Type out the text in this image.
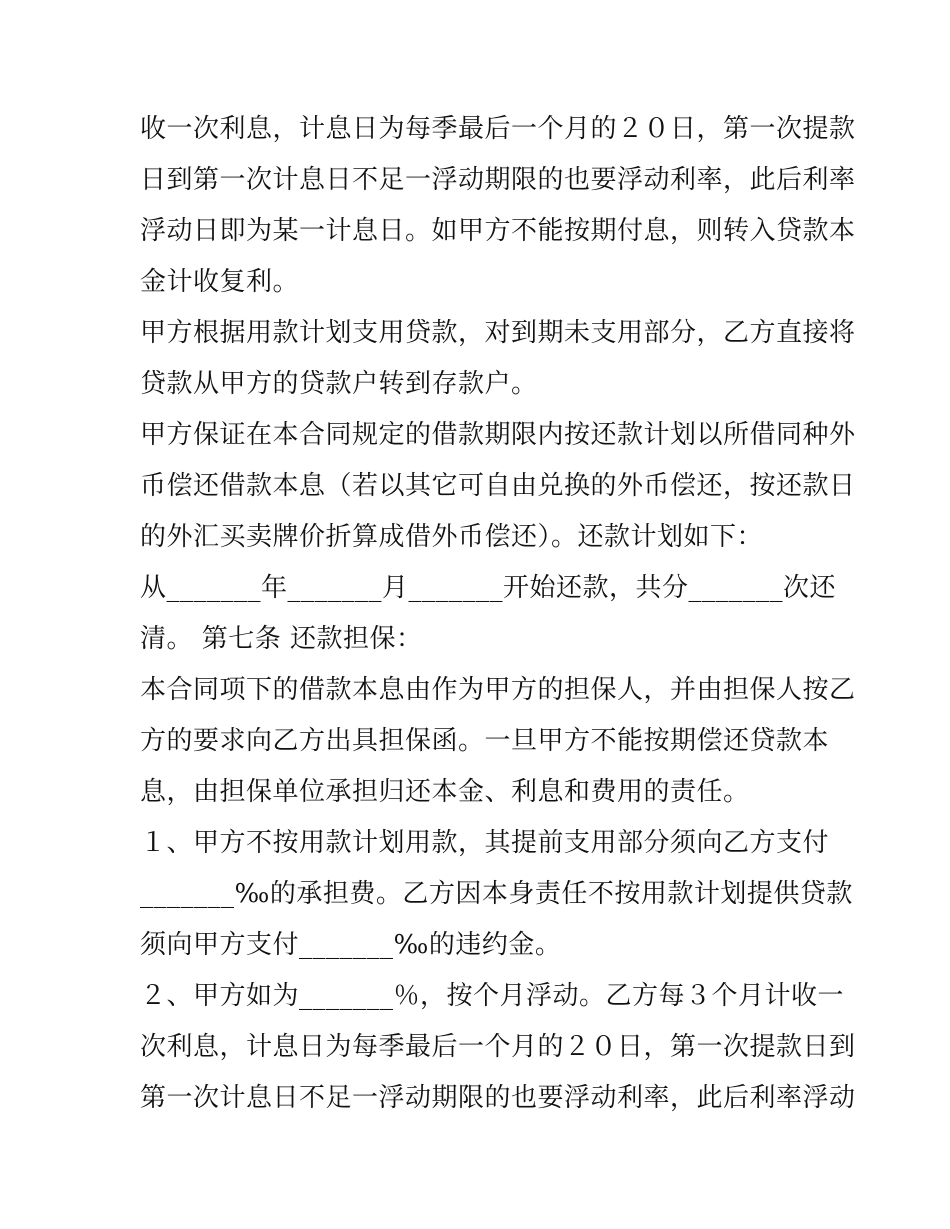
收一次利息，计息日为每季最后一个月的２０日，第一次提款
日到第一次计息日不足一浮动期限的也要浮动利率，此后利率
浮动日即为某一计息日。如甲方不能按期付息，则转入贷款本
金计收复利。
甲方根据用款计划支用贷款，对到期未支用部分，乙方直接将
贷款从甲方的贷款户转到存款户。
甲方保证在本合同规定的借款期限内按还款计划以所借同种外
币偿还借款本息（若以其它可自由兑换的外币偿还，按还款日
的外汇买卖牌价折算成借外币偿还）。还款计划如下：
从_______年_______月_______开始还款，共分_______次还
清。 第七条 还款担保：
本合同项下的借款本息由作为甲方的担保人，并由担保人按乙
方的要求向乙方出具担保函。一旦甲方不能按期偿还贷款本
息，由担保单位承担归还本金、利息和费用的责任。
１、甲方不按用款计划用款，其提前支用部分须向乙方支付
_______‰的承担费。乙方因本身责任不按用款计划提供贷款
须向甲方支付_______‰的违约金。
２、甲方如为_______％，按个月浮动。乙方每３个月计收一
次利息，计息日为每季最后一个月的２０日，第一次提款日到
第一次计息日不足一浮动期限的也要浮动利率，此后利率浮动
